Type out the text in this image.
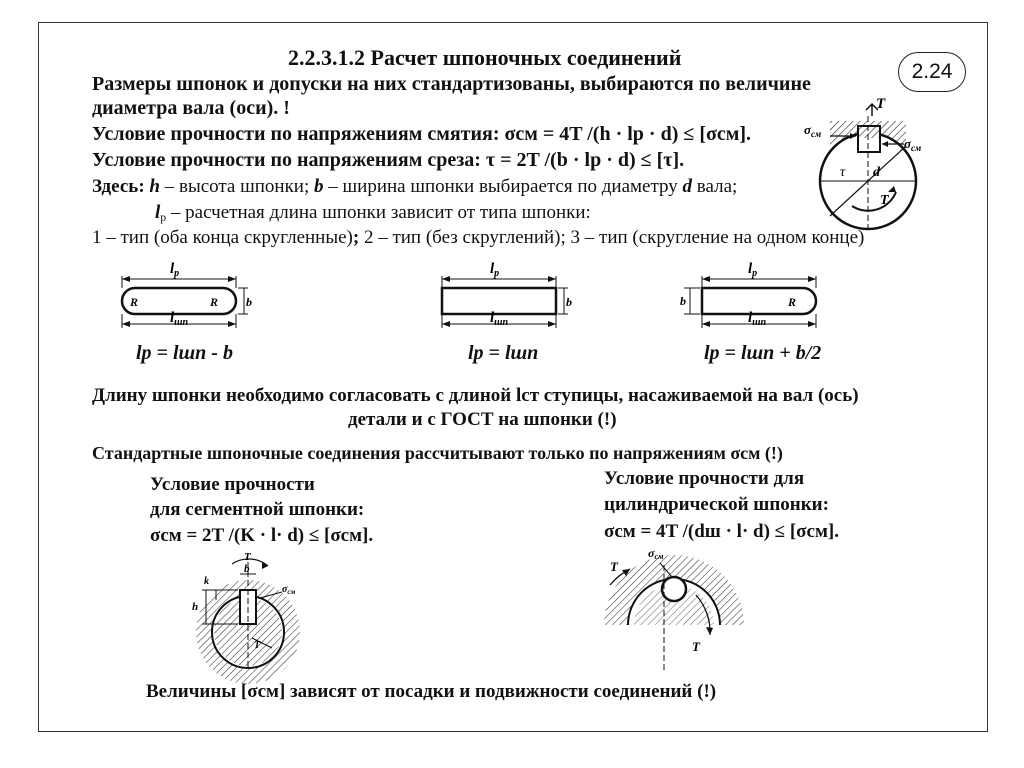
2.24
2.2.3.1.2 Расчет шпоночных соединений
Размеры шпонок и допуски на них стандартизованы, выбираются по величине
диаметра вала (оси). !
Условие прочности по напряжениям смятия: σсм = 4T /(h · lр · d) ≤ [σсм].
Условие прочности по напряжениям среза: τ = 2T /(b · lр · d) ≤ [τ].
Здесь: h – высота шпонки; b – ширина шпонки выбирается по диаметру d вала;
$l_р$ – расчетная длина шпонки зависит от типа шпонки:
1 – тип (оба конца скругленные); 2 – тип (без скруглений); 3 – тип (скругление на одном конце)
T
$\sigma_{см}$
$\sigma_{см}$
τ d
T
$l_р$
R	R b
$l_{шп}$
lр = lшп - b
$l_р$
b
$l_{шп}$
lр = lшп
$l_р$
b	R
$l_{шп}$
lр = lшп + b/2
Длину шпонки необходимо согласовать с длиной lст ступицы, насаживаемой на вал (ось)
детали и с ГОСТ на шпонки (!)
Стандартные шпоночные соединения рассчитывают только по напряжениям σсм (!)
Условие прочности
для сегментной шпонки:
σсм = 2T /(K · l· d) ≤ [σсм].
Условие прочности для
цилиндрической шпонки:
σсм = 4T /(dш · l· d) ≤ [σсм].
T
b
h
k
$\sigma_{см}$
T
σсм
T
T
Величины [σсм] зависят от посадки и подвижности соединений (!)
